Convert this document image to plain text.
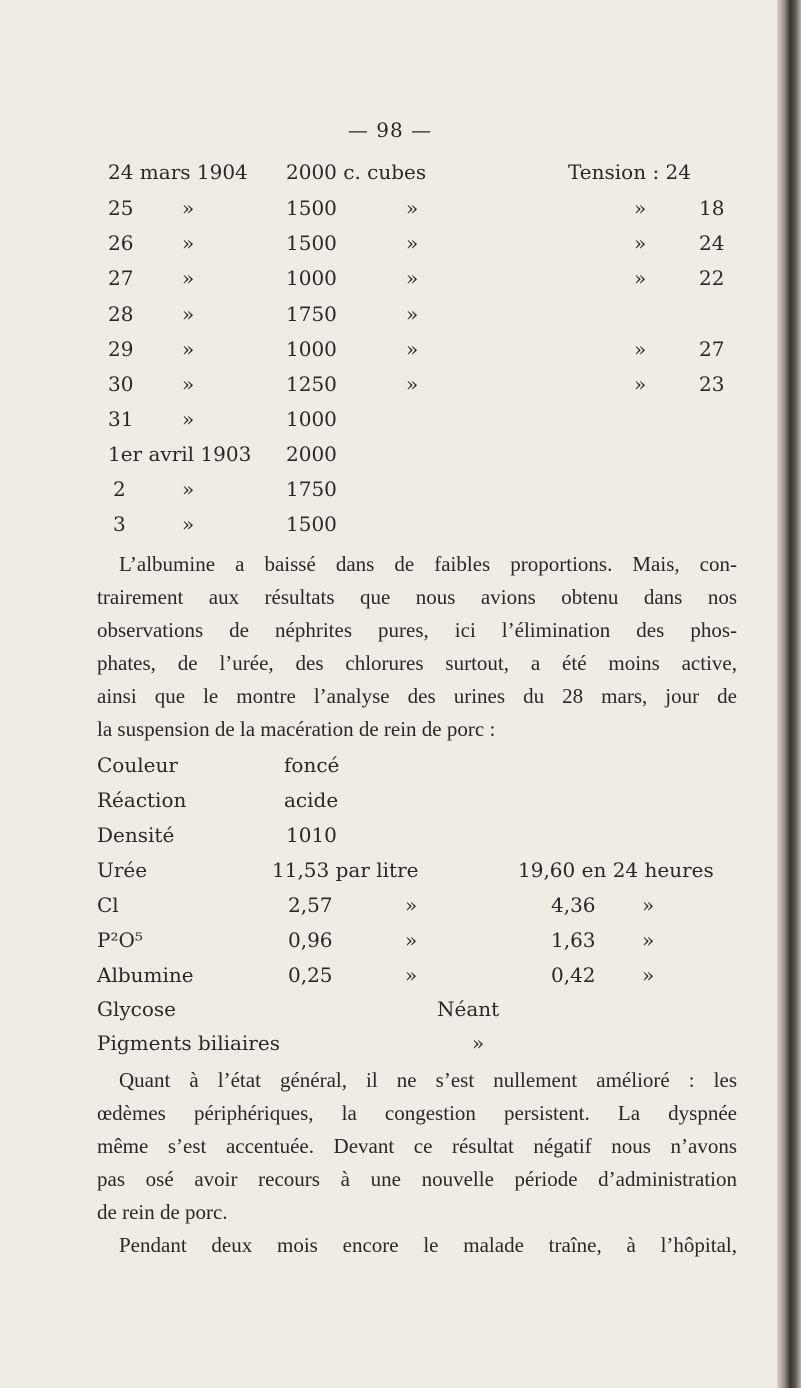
— 98 —
24 mars 1904 2000 c. cubes	Tension : 24
25 »	1500	»	»	18
26 »	1500	»	»	24
27 »	1000	»	»	22
28 »	1750	»
29 »	1000	»	»	27
30 »	1250	»	»	23
31 »	1000
1er avril 1903 2000
2	»	1750
3	»	1500
L’albumine a baissé dans de faibles proportions. Mais, con-
trairement aux résultats que nous avions obtenu dans nos
observations de néphrites pures, ici l’élimination des phos-
phates, de l’urée, des chlorures surtout, a été moins active,
ainsi que le montre l’analyse des urines du 28 mars, jour de
la suspension de la macération de rein de porc :
Couleur	foncé
Réaction	acide
Densité	1010
Urée	11,53 par litre	19,60 en 24 heures
Cl	2,57	»	4,36 »
P²O⁵	0,96	»	1,63 »
Albumine	0,25	»	0,42 »
Glycose	Néant
Pigments biliaires	»
Quant à l’état général, il ne s’est nullement amélioré : les
œdèmes périphériques, la congestion persistent. La dyspnée
même s’est accentuée. Devant ce résultat négatif nous n’avons
pas osé avoir recours à une nouvelle période d’administration
de rein de porc.
Pendant deux mois encore le malade traîne, à l’hôpital,
